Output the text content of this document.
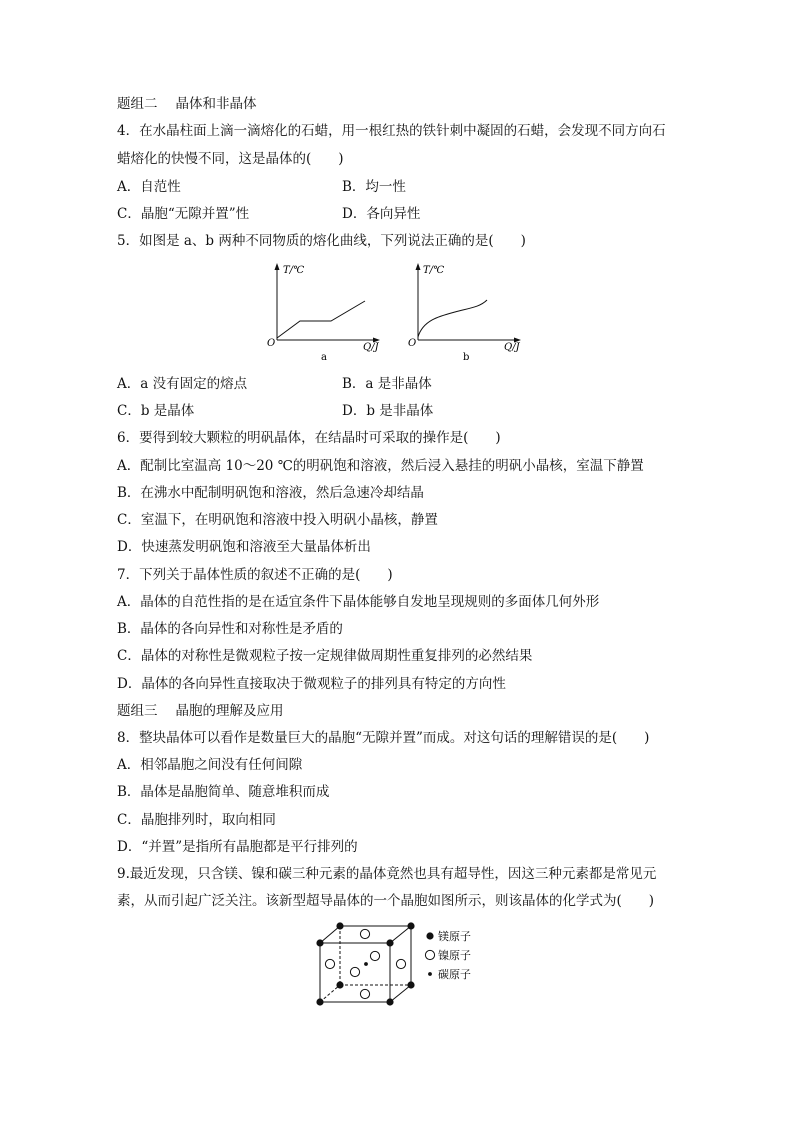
题组二 晶体和非晶体
4．在水晶柱面上滴一滴熔化的石蜡，用一根红热的铁针刺中凝固的石蜡，会发现不同方向石
蜡熔化的快慢不同，这是晶体的(　　)
A．自范性	B．均一性
C．晶胞“无隙并置”性	D．各向异性
5．如图是 a、b 两种不同物质的熔化曲线，下列说法正确的是(　　)
T/℃
O	Q/J
a
T/℃
O	Q/J
b
A．a 没有固定的熔点	B．a 是非晶体
C．b 是晶体	D．b 是非晶体
6．要得到较大颗粒的明矾晶体，在结晶时可采取的操作是(　　)
A．配制比室温高 10～20 ℃的明矾饱和溶液，然后浸入悬挂的明矾小晶核，室温下静置
B．在沸水中配制明矾饱和溶液，然后急速冷却结晶
C．室温下，在明矾饱和溶液中投入明矾小晶核，静置
D．快速蒸发明矾饱和溶液至大量晶体析出
7．下列关于晶体性质的叙述不正确的是(　　)
A．晶体的自范性指的是在适宜条件下晶体能够自发地呈现规则的多面体几何外形
B．晶体的各向异性和对称性是矛盾的
C．晶体的对称性是微观粒子按一定规律做周期性重复排列的必然结果
D．晶体的各向异性直接取决于微观粒子的排列具有特定的方向性
题组三 晶胞的理解及应用
8．整块晶体可以看作是数量巨大的晶胞“无隙并置”而成。对这句话的理解错误的是(　　)
A．相邻晶胞之间没有任何间隙
B．晶体是晶胞简单、随意堆积而成
C．晶胞排列时，取向相同
D．“并置”是指所有晶胞都是平行排列的
9.最近发现，只含镁、镍和碳三种元素的晶体竟然也具有超导性，因这三种元素都是常见元
素，从而引起广泛关注。该新型超导晶体的一个晶胞如图所示，则该晶体的化学式为(　　)
镁原子
镍原子
碳原子
